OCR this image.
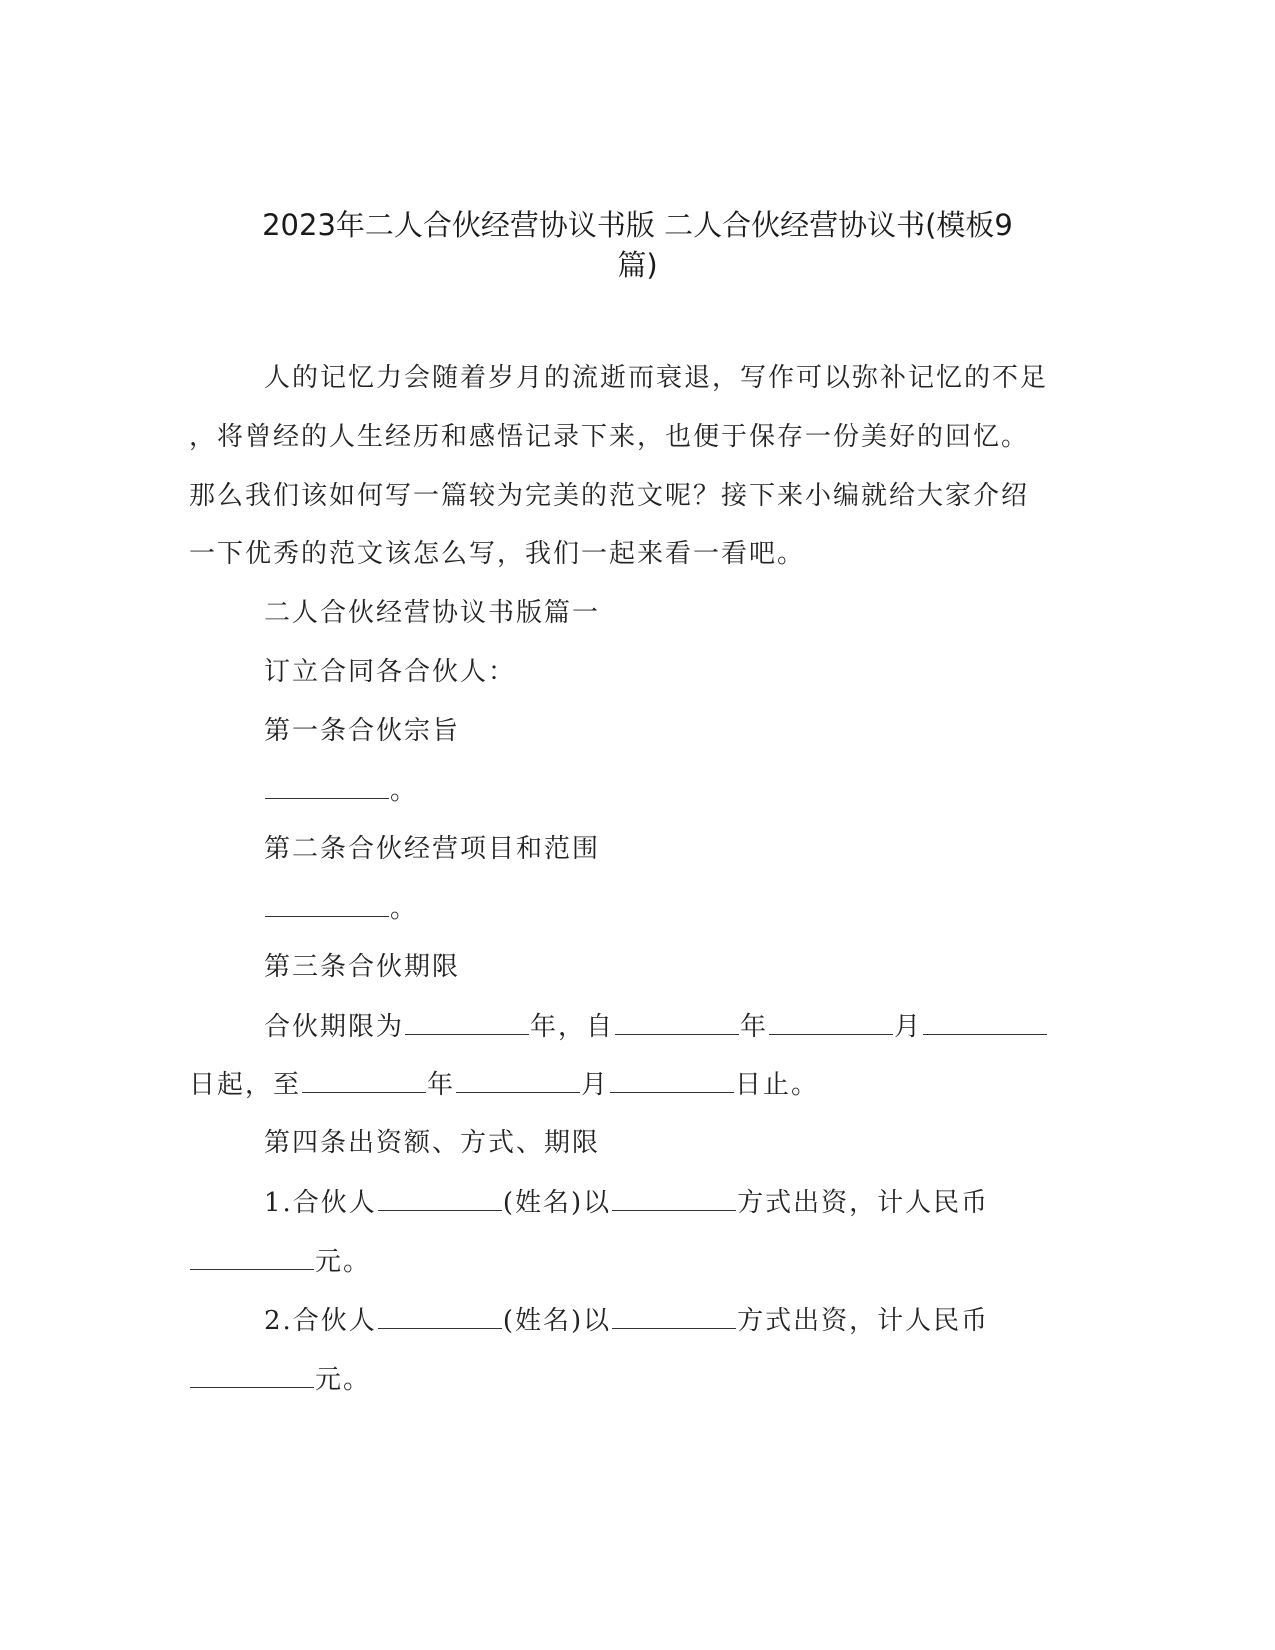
2023年二人合伙经营协议书版 二人合伙经营协议书(模板9
篇)
人的记忆力会随着岁月的流逝而衰退，写作可以弥补记忆的不足
，将曾经的人生经历和感悟记录下来，也便于保存一份美好的回忆。
那么我们该如何写一篇较为完美的范文呢？接下来小编就给大家介绍
一下优秀的范文该怎么写，我们一起来看一看吧。
二人合伙经营协议书版篇一
订立合同各合伙人：
第一条合伙宗旨
。
第二条合伙经营项目和范围
。
第三条合伙期限
合伙期限为	年，自	年	月
日起，至	年	月	日止。
第四条出资额、方式、期限
1.合伙人	(姓名)以	方式出资，计人民币
元。
2.合伙人	(姓名)以	方式出资，计人民币
元。
